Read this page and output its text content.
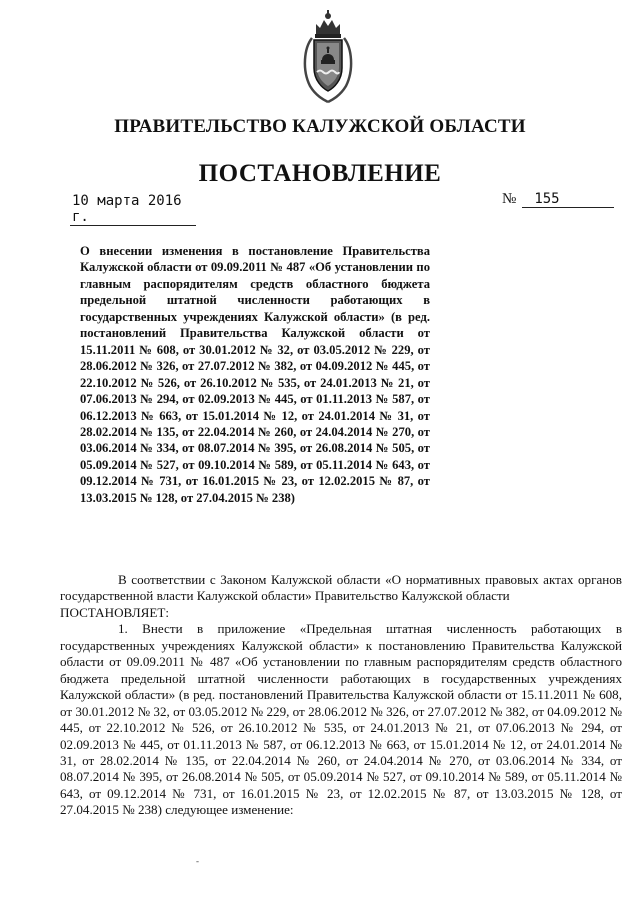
ПРАВИТЕЛЬСТВО КАЛУЖСКОЙ ОБЛАСТИ
ПОСТАНОВЛЕНИЕ
10 марта 2016 г.
№	155
О внесении изменения в постановление Правительства Калужской области от 09.09.2011 № 487 «Об установлении по главным распорядителям средств областного бюджета предельной штатной численности работающих в государственных учреждениях Калужской области» (в ред. постановлений Правительства Калужской области от 15.11.2011 № 608, от 30.01.2012 № 32, от 03.05.2012 № 229, от 28.06.2012 № 326, от 27.07.2012 № 382, от 04.09.2012 № 445, от 22.10.2012 № 526, от 26.10.2012 № 535, от 24.01.2013 № 21, от 07.06.2013 № 294, от 02.09.2013 № 445, от 01.11.2013 № 587, от 06.12.2013 № 663, от 15.01.2014 № 12, от 24.01.2014 № 31, от 28.02.2014 № 135, от 22.04.2014 № 260, от 24.04.2014 № 270, от 03.06.2014 № 334, от 08.07.2014 № 395, от 26.08.2014 № 505, от 05.09.2014 № 527, от 09.10.2014 № 589, от 05.11.2014 № 643, от 09.12.2014 № 731, от 16.01.2015 № 23, от 12.02.2015 № 87, от 13.03.2015 № 128, от 27.04.2015 № 238)

В соответствии с Законом Калужской области «О нормативных правовых актах органов государственной власти Калужской области» Правительство Калужской области

ПОСТАНОВЛЯЕТ:

1. Внести в приложение «Предельная штатная численность работающих в государственных учреждениях Калужской области» к постановлению Правительства Калужской области от 09.09.2011 № 487 «Об установлении по главным распорядителям средств областного бюджета предельной штатной численности работающих в государственных учреждениях Калужской области» (в ред. постановлений Правительства Калужской области от 15.11.2011 № 608, от 30.01.2012 № 32, от 03.05.2012 № 229, от 28.06.2012 № 326, от 27.07.2012 № 382, от 04.09.2012 № 445, от 22.10.2012 № 526, от 26.10.2012 № 535, от 24.01.2013 № 21, от 07.06.2013 № 294, от 02.09.2013 № 445, от 01.11.2013 № 587, от 06.12.2013 № 663, от 15.01.2014 № 12, от 24.01.2014 № 31, от 28.02.2014 № 135, от 22.04.2014 № 260, от 24.04.2014 № 270, от 03.06.2014 № 334, от 08.07.2014 № 395, от 26.08.2014 № 505, от 05.09.2014 № 527, от 09.10.2014 № 589, от 05.11.2014 № 643, от 09.12.2014 № 731, от 16.01.2015 № 23, от 12.02.2015 № 87, от 13.03.2015 № 128, от 27.04.2015 № 238) следующее изменение:

-
